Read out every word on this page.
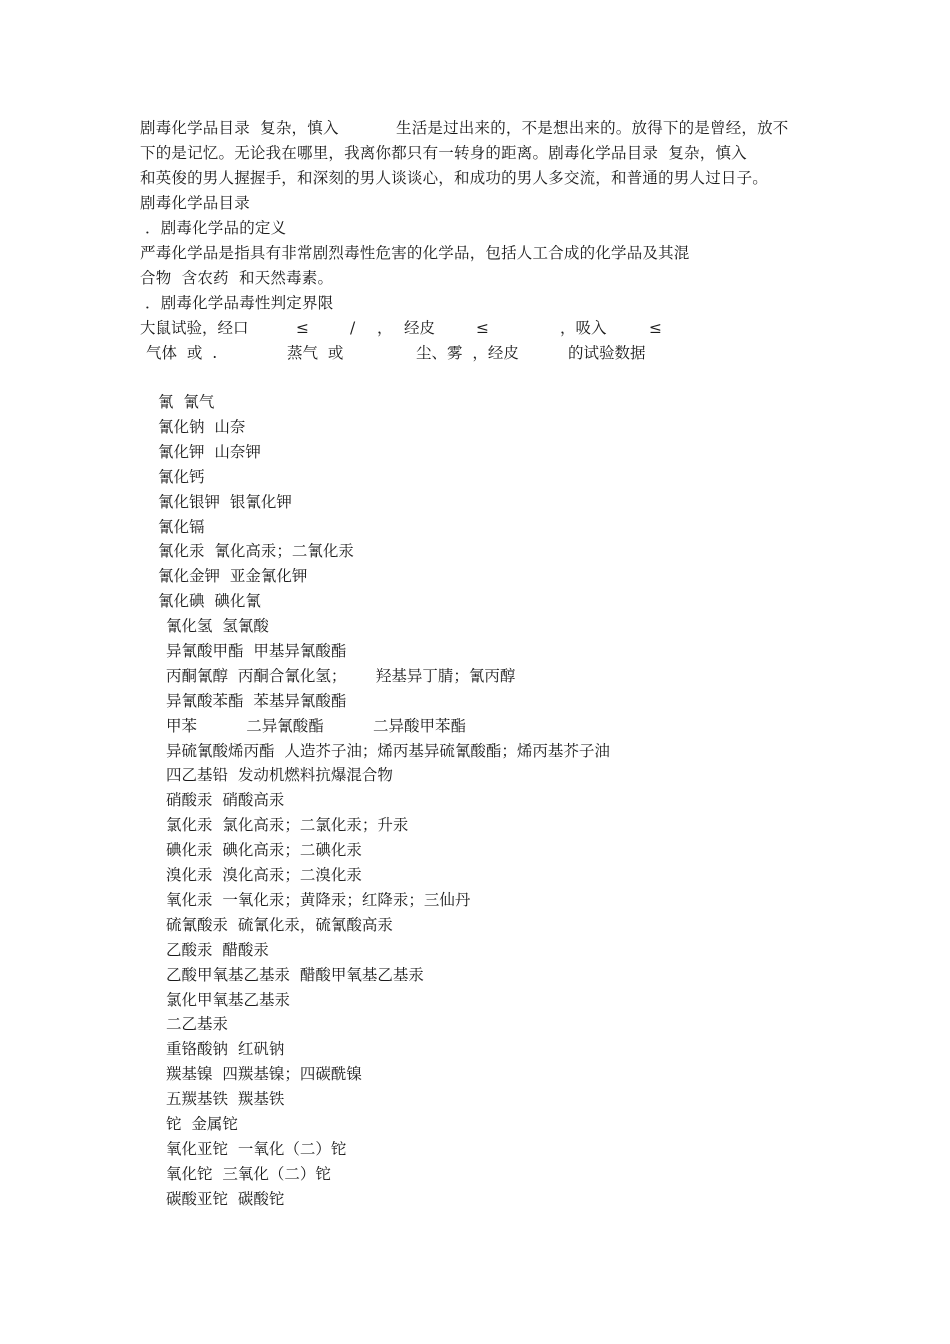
剧毒化学品目录  复杂，慎入	生活是过出来的，不是想出来的。放得下的是曾经，放不
下的是记忆。无论我在哪里，我离你都只有一转身的距离。剧毒化学品目录  复杂，慎入
和英俊的男人握握手，和深刻的男人谈谈心，和成功的男人多交流，和普通的男人过日子。
剧毒化学品目录
．剧毒化学品的定义
严毒化学品是指具有非常剧烈毒性危害的化学品，包括人工合成的化学品及其混
合物  含农药  和天然毒素。
．剧毒化学品毒性判定界限
大鼠试验，经口	≤	/ ， 经皮	≤	，吸入	≤
气体  或  .	蒸气  或	尘、雾  ，经皮	的试验数据
氰  氰气
氰化钠  山奈
氰化钾  山奈钾
氰化钙
氰化银钾  银氰化钾
氰化镉
氰化汞  氰化高汞；二氰化汞
氰化金钾  亚金氰化钾
氰化碘  碘化氰
氰化氢  氢氰酸
异氰酸甲酯  甲基异氰酸酯
丙酮氰醇  丙酮合氰化氢；      羟基异丁腈；氰丙醇
异氰酸苯酯  苯基异氰酸酯
甲苯          二异氰酸酯          二异酸甲苯酯
异硫氰酸烯丙酯  人造芥子油；烯丙基异硫氰酸酯；烯丙基芥子油
四乙基铅  发动机燃料抗爆混合物
硝酸汞  硝酸高汞
氯化汞  氯化高汞；二氯化汞；升汞
碘化汞  碘化高汞；二碘化汞
溴化汞  溴化高汞；二溴化汞
氧化汞  一氧化汞；黄降汞；红降汞；三仙丹
硫氰酸汞  硫氰化汞，硫氰酸高汞
乙酸汞  醋酸汞
乙酸甲氧基乙基汞  醋酸甲氧基乙基汞
氯化甲氧基乙基汞
二乙基汞
重铬酸钠  红矾钠
羰基镍  四羰基镍；四碳酰镍
五羰基铁  羰基铁
铊  金属铊
氧化亚铊  一氧化（二）铊
氧化铊  三氧化（二）铊
碳酸亚铊  碳酸铊
